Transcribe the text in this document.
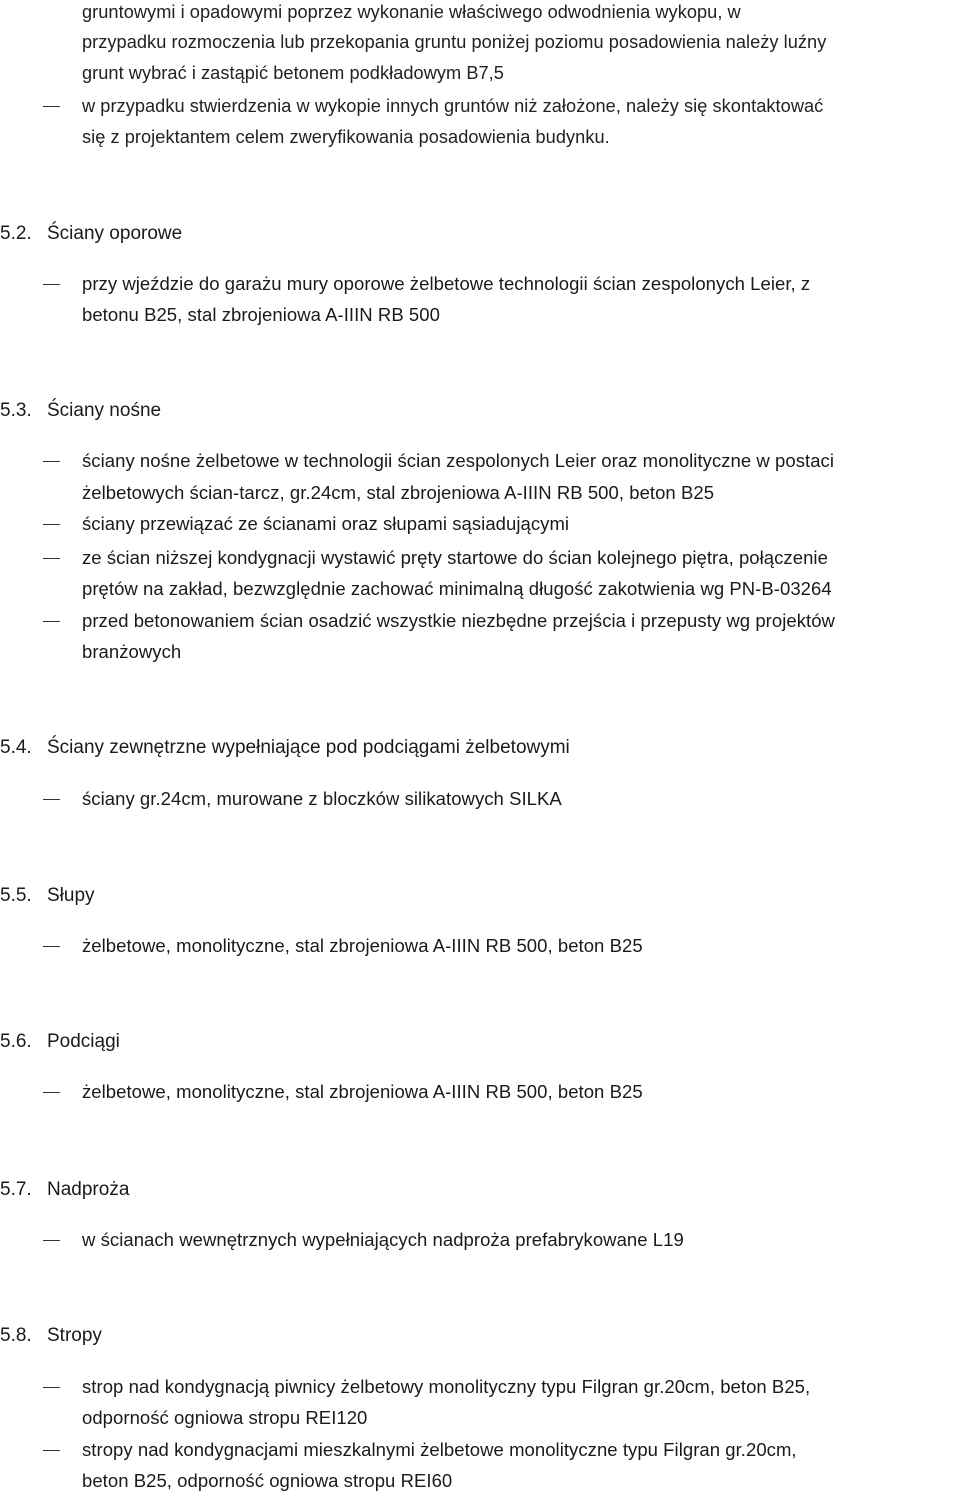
gruntowymi i opadowymi poprzez wykonanie właściwego odwodnienia wykopu, w
przypadku rozmoczenia lub przekopania gruntu poniżej poziomu posadowienia należy luźny
grunt wybrać i zastąpić betonem podkładowym B7,5
w przypadku stwierdzenia w wykopie innych gruntów niż założone, należy się skontaktować
się z projektantem celem zweryfikowania posadowienia budynku.
5.2. Ściany oporowe
przy wjeździe do garażu mury oporowe żelbetowe technologii ścian zespolonych Leier, z
betonu B25, stal zbrojeniowa A-IIIN RB 500
5.3. Ściany nośne
ściany nośne żelbetowe w technologii ścian zespolonych Leier oraz monolityczne w postaci
żelbetowych ścian-tarcz, gr.24cm, stal zbrojeniowa A-IIIN RB 500, beton B25
ściany przewiązać ze ścianami oraz słupami sąsiadującymi
ze ścian niższej kondygnacji wystawić pręty startowe do ścian kolejnego piętra, połączenie
prętów na zakład, bezwzględnie zachować minimalną długość zakotwienia wg PN-B-03264
przed betonowaniem ścian osadzić wszystkie niezbędne przejścia i przepusty wg projektów
branżowych
5.4. Ściany zewnętrzne wypełniające pod podciągami żelbetowymi
ściany gr.24cm, murowane z bloczków silikatowych SILKA
5.5. Słupy
żelbetowe, monolityczne, stal zbrojeniowa A-IIIN RB 500, beton B25
5.6. Podciągi
żelbetowe, monolityczne, stal zbrojeniowa A-IIIN RB 500, beton B25
5.7. Nadproża
w ścianach wewnętrznych wypełniających nadproża prefabrykowane L19
5.8. Stropy
strop nad kondygnacją piwnicy żelbetowy monolityczny typu Filgran gr.20cm, beton B25,
odporność ogniowa stropu REI120
stropy nad kondygnacjami mieszkalnymi żelbetowe monolityczne typu Filgran gr.20cm,
beton B25, odporność ogniowa stropu REI60
